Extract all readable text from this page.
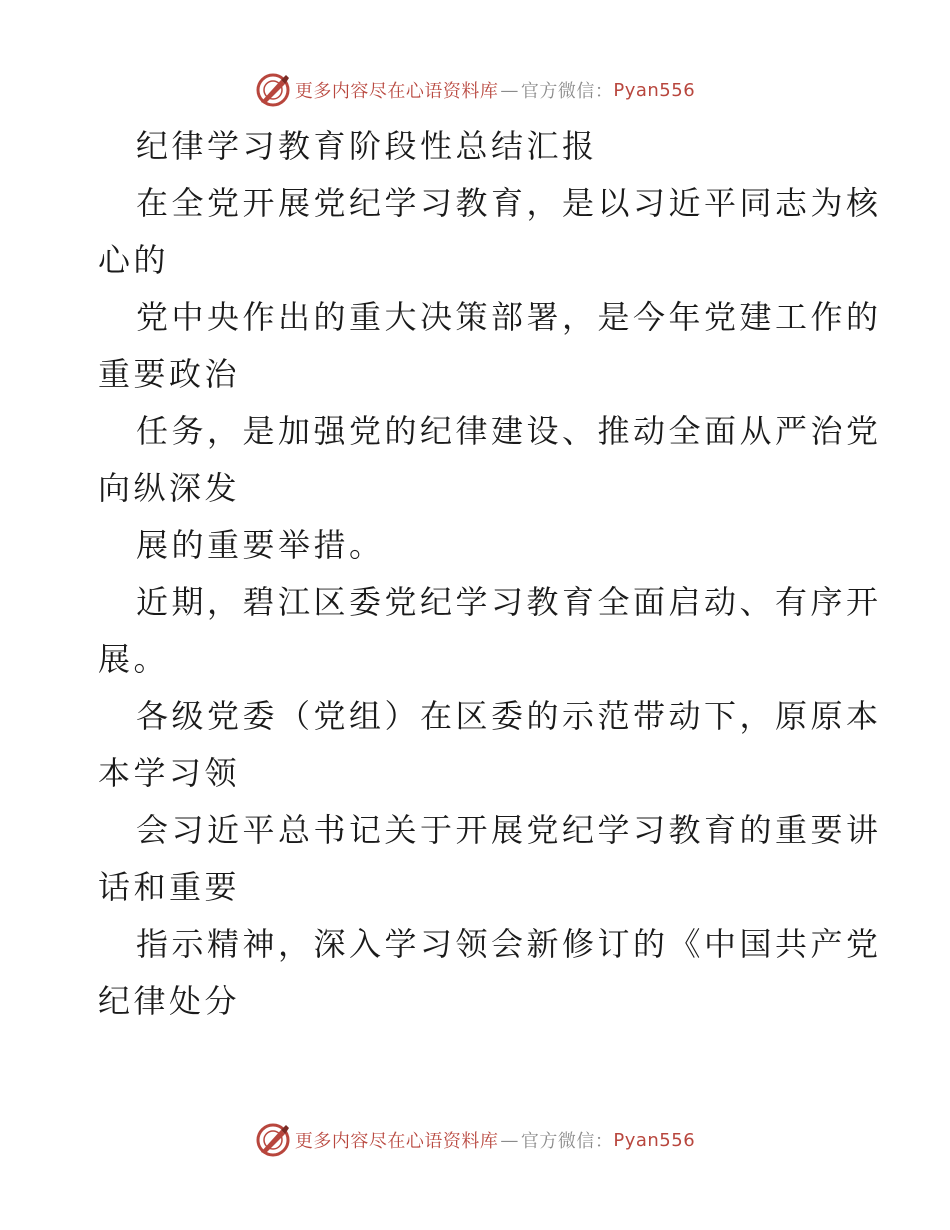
更多内容尽在心语资料库 — 官方微信： Pyan556
纪律学习教育阶段性总结汇报
在全党开展党纪学习教育，是以习近平同志为核
心的
党中央作出的重大决策部署，是今年党建工作的
重要政治
任务，是加强党的纪律建设、推动全面从严治党
向纵深发
展的重要举措。
近期，碧江区委党纪学习教育全面启动、有序开
展。
各级党委（党组）在区委的示范带动下，原原本
本学习领
会习近平总书记关于开展党纪学习教育的重要讲
话和重要
指示精神，深入学习领会新修订的《中国共产党
纪律处分
更多内容尽在心语资料库 — 官方微信： Pyan556
